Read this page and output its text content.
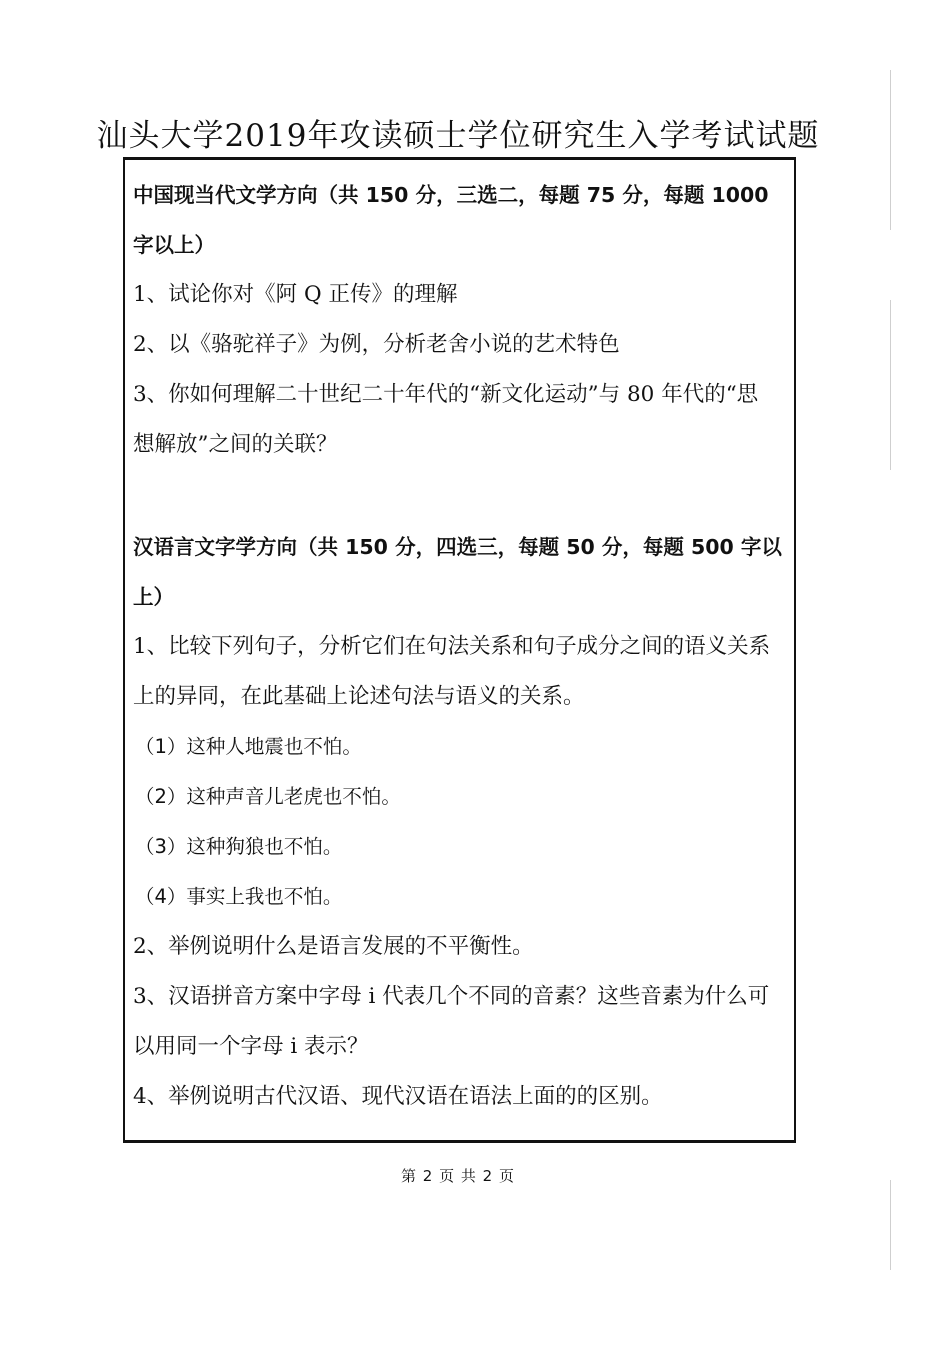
汕头大学2019年攻读硕士学位研究生入学考试试题
中国现当代文学方向（共 150 分，三选二，每题 75 分，每题 1000
字以上）
1、试论你对《阿 Q 正传》的理解
2、以《骆驼祥子》为例，分析老舍小说的艺术特色
3、你如何理解二十世纪二十年代的“新文化运动”与 80 年代的“思
想解放”之间的关联？
汉语言文字学方向（共 150 分，四选三，每题 50 分，每题 500 字以
上）
1、比较下列句子，分析它们在句法关系和句子成分之间的语义关系
上的异同，在此基础上论述句法与语义的关系。
（1）这种人地震也不怕。
（2）这种声音儿老虎也不怕。
（3）这种狗狼也不怕。
（4）事实上我也不怕。
2、举例说明什么是语言发展的不平衡性。
3、汉语拼音方案中字母 i 代表几个不同的音素？这些音素为什么可
以用同一个字母 i 表示？
4、举例说明古代汉语、现代汉语在语法上面的的区别。
第 2 页 共 2 页
